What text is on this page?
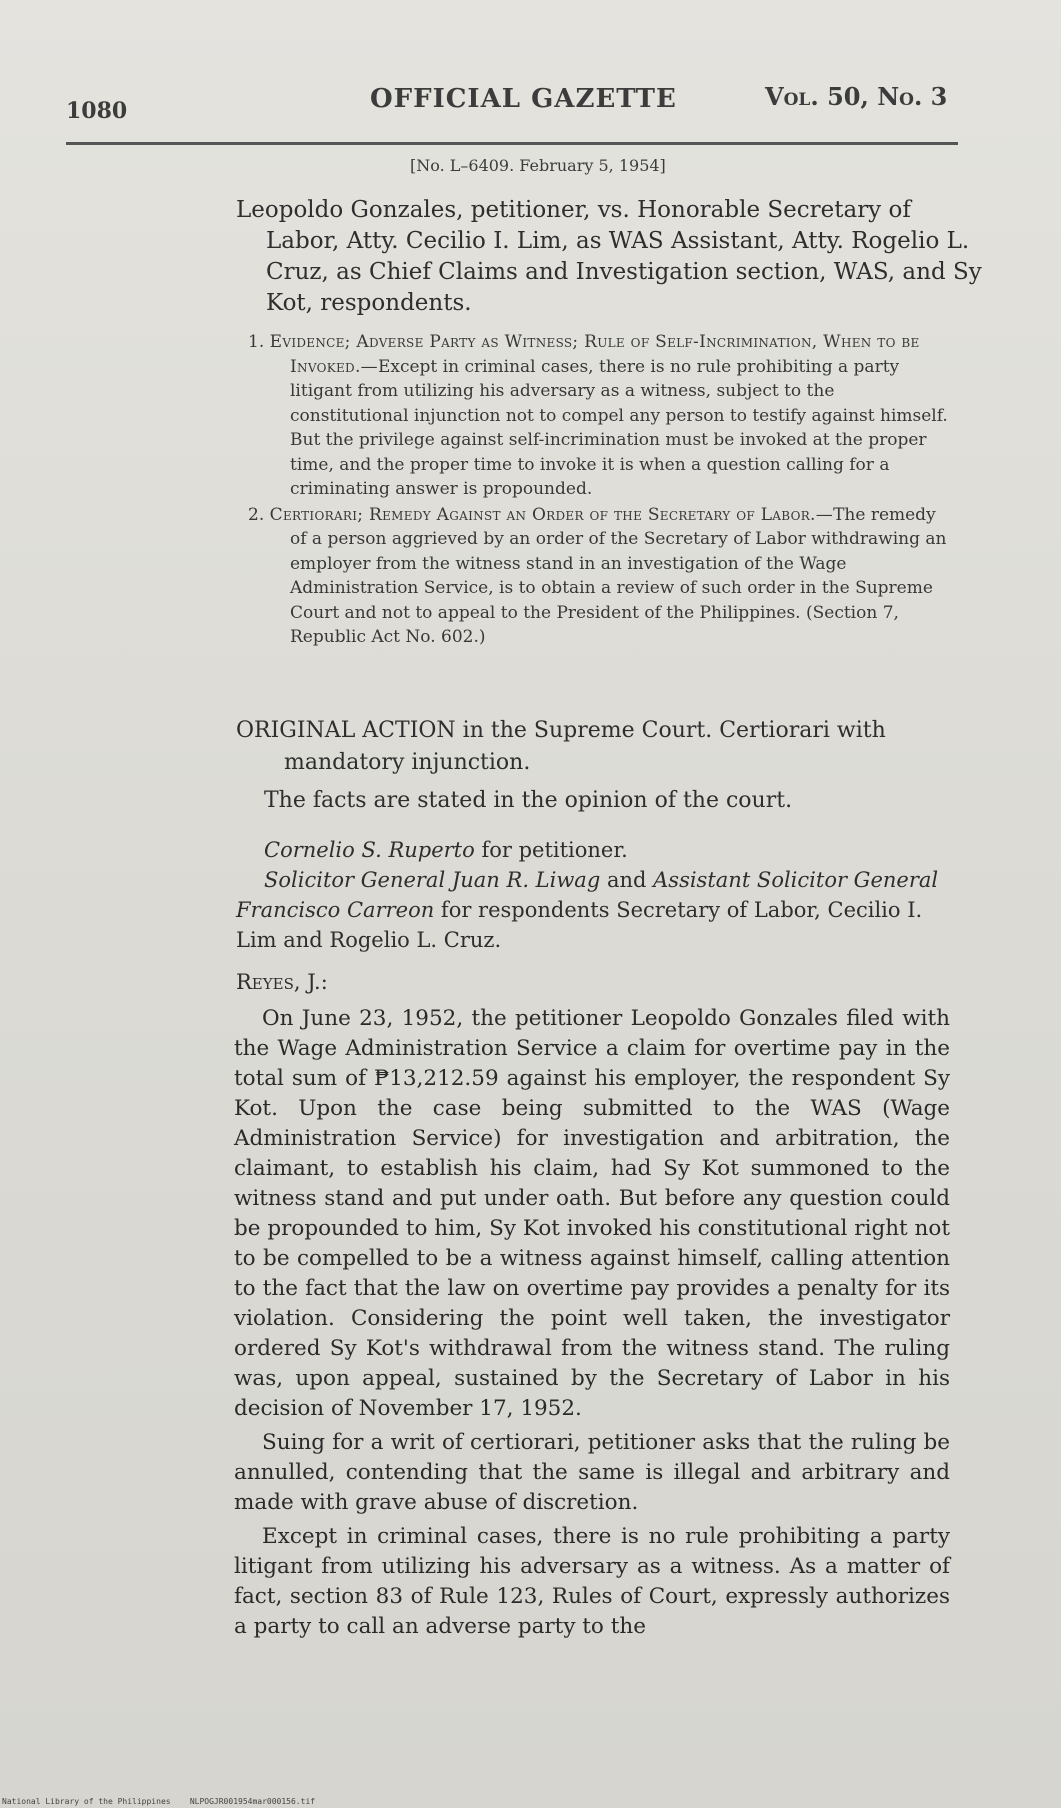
1080	OFFICIAL GAZETTE	Vol. 50, No. 3
[No. L–6409. February 5, 1954]
Leopoldo Gonzales, petitioner, vs. Honorable Secretary of Labor, Atty. Cecilio I. Lim, as WAS Assistant, Atty. Rogelio L. Cruz, as Chief Claims and Investigation section, WAS, and Sy Kot, respondents.
1. Evidence; Adverse Party as Witness; Rule of Self-Incrimination, When to be Invoked.—Except in criminal cases, there is no rule prohibiting a party litigant from utilizing his adversary as a witness, subject to the constitutional injunction not to compel any person to testify against himself. But the privilege against self-incrimination must be invoked at the proper time, and the proper time to invoke it is when a question calling for a criminating answer is propounded.
2. Certiorari; Remedy Against an Order of the Secretary of Labor.—The remedy of a person aggrieved by an order of the Secretary of Labor withdrawing an employer from the witness stand in an investigation of the Wage Administration Service, is to obtain a review of such order in the Supreme Court and not to appeal to the President of the Philippines. (Section 7, Republic Act No. 602.)
ORIGINAL ACTION in the Supreme Court. Certiorari with mandatory injunction.
The facts are stated in the opinion of the court.

Cornelio S. Ruperto for petitioner.

Solicitor General Juan R. Liwag and Assistant Solicitor General Francisco Carreon for respondents Secretary of Labor, Cecilio I. Lim and Rogelio L. Cruz.

Reyes, J.:

On June 23, 1952, the petitioner Leopoldo Gonzales filed with the Wage Administration Service a claim for overtime pay in the total sum of ₱13,212.59 against his employer, the respondent Sy Kot. Upon the case being submitted to the WAS (Wage Administration Service) for investigation and arbitration, the claimant, to establish his claim, had Sy Kot summoned to the witness stand and put under oath. But before any question could be propounded to him, Sy Kot invoked his constitutional right not to be compelled to be a witness against himself, calling attention to the fact that the law on overtime pay provides a penalty for its violation. Considering the point well taken, the investigator ordered Sy Kot's withdrawal from the witness stand. The ruling was, upon appeal, sustained by the Secretary of Labor in his decision of November 17, 1952.

Suing for a writ of certiorari, petitioner asks that the ruling be annulled, contending that the same is illegal and arbitrary and made with grave abuse of discretion.

Except in criminal cases, there is no rule prohibiting a party litigant from utilizing his adversary as a witness. As a matter of fact, section 83 of Rule 123, Rules of Court, expressly authorizes a party to call an adverse party to the

National Library of the Philippines NLPOGJR001954mar000156.tif
